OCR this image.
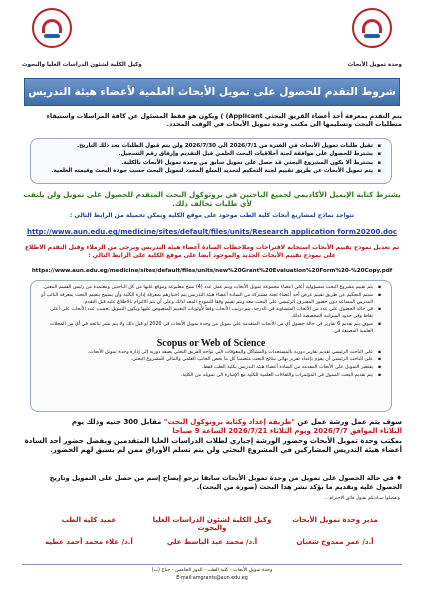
وحدة تمويل الأبحاث
وكيل الكلية لشئون الدراسات العليا والبحوث
شروط التقدم للحصول على تمويل الأبحاث العلمية لأعضاء هيئة التدريس
يتم التقدم بمعرفة أحد أعضاء الفريق البحثي Applicant) ) ويكون هو فقط المسئول عن كافة المراسلات واستيفاء متطلبات البحث وتسليمها الى مكتب وحدة تمويل الأبحاث في الوقت المحدد.
▪ تقبل طلبات تمويل الأبحاث في الفترة من 2026/7/1 الى 2026/7/30 ولن يتم قبول الطلبات بعد ذلك التاريخ.
▪ يشترط للحصول على موافقة لجنة أخلاقيات البحث العلمي قبل التقديم وإرفاق رقم التسجيل.
▪ يشترط ألا يكون المشروع البحثي قد حصل على تمويل سابق من وحدة تمويل الأبحاث بالكلية.
▪ يتم تمويل الأبحاث عن طريق تقييم لجنة التحكيم لتحديد المبلغ المحدد لتمويل البحث حسب جودة البحث وقيمته العلمية.
يشترط كتابة الإيميل الأكاديمي لجميع الباحثين في بروتوكول البحث المتقدم للحصول على تمويل ولن يلتفت لأي طلبات تخالف ذلك.
تتواجد نماذج لمشاريع أبحاث كلية الطب موجود على موقع الكلية ويمكن تحميلة من الرابط التالي :
http://www.aun.edu.eg/medicine/sites/default/files/units/Research application form20200.doc
تم تعديل نموذج تقييم الأبحاث استجابة لاقتراحات وملاحظات السادة أعضاء هيئة التدريس ويرجى من الزملاء وقبل التقدم الاطلاع على نموذج تقييم الأبحاث الجديد والموجود أيضا على موقع الكلية على الرابط التالي :
https://www.aun.edu.eg/medicine/sites/default/files/units/new%20Grant%20Evaluation%20Form%20-%20Copy.pdf
▪ يتم تقييم مشروع البحث بمسؤولية أعلى اعضاء مجموعة تمويل الأبحاث ويتم عمل عدد (4) نسخ مطبوعة وموقع عليها من كل الباحثين ومعتمدة من رئيس القسم المعني.
▪ سيتم التحكيم عن طريق تقييم عرض أحد أعضاء لجنة مشتركة من السادة أعضاء هيئة التدريس يتم اختيارهم بمعرفة إدارة الكلية وأن يسمح بتقييم البحث بمعرفة النائب أو المدرس المساعد دون حضور المشرف الرئيسي على البحث معه ويتم تقييم وفقا للنموذج المعد لذلك وعلى أن يتم الالتزام بالاطلاع عليه قبل التقدم.
▪ في حالة الحصول على عدد من الأبحاث المتساوية في الدرجة، يتم ترتيب الأبحاث وفقاً لأولويات التقييم المنصوص عليها ويكون التمويل بحسب عدد الأبحاث على أعلى نقاط وفي حدود الميزانية المخصصة لذلك.
▪ سوف يتم تقديم 6 تقارير في حالة حصول أي من الأبحاث المتقدمة على تمويل من وحدة تمويل الأبحاث في 2020 او قبل ذلك ولا يتم نشر نتائجه في أي من المجلات العلمية المصنفة في
Scopus or Web of Science
▪ على الباحث الرئيسي تقديم تقارير دورية بالمستجدات والمشاكل والمعوقات التي تواجه الفريق البحثي بصفة دورية إلى إدارة وحدة تمويل الأبحاث.
▪ على الباحث الرئيسي أن يقوم بإعداد تقرير نهائي بنتائج البحث متضمنا كل ما يخص الجانب العلمي والمالي للمشروع البحثي.
▪ يقتصر التمويل على الأبحاث المقدمة من السادة أعضاء هيئة التدريس بكلية الطب فقط.
▪ يتم تقديم البحث الممول في المؤتمرات واللقاءات العلمية للكلية مع الإشارة الى تمويله من الكلية.
سوف يتم عمل ورشة عمل عن "طريقة إعداد وكتابة بروتوكول البحث" مقابل 300 جنيه وذلك يوم
الثلاثاء الموافق 2026/7/7 ويوم الثلاثاء 2026/7/21 الساعة 9 صباحا
بمكتب وحدة تمويل الأبحاث وحضور الورشة إجباري لطلاب الدراسات العليا المتقدمين ويفضل حضور أحد السادة أعضاء هيئة التدريس المشاركين في المشروع البحثي ولن يتم تسلم الأوراق ممن لم يسبق لهم الحضور.
♦ في حالة الحصول على تمويل من وحدة تمويل الأبحاث سابقا نرجو إيضاح إسم من حصل على التمويل وتاريخ الحصول عليه وتقديم ما يؤكد نشر هذا البحث (صورة من البحث).
وتفضلوا سيادتكم بقبول فائق الاحترام ...
مدير وحدة تمويل الأبحاث
وكيل الكلية لشئون الدراسات العليا والبحوث
عميد كلية الطب
أ.د/ عمر ممدوح شعبان
أ.د/ محمد عبد الباسط علي
أ.د/ علاء محمد أحمد عطيه
وحدة تمويل الأبحاث - كلية الطب - الدور الخامس - جناح (ب)
E-mail:amgrants@aun.edu.eg
